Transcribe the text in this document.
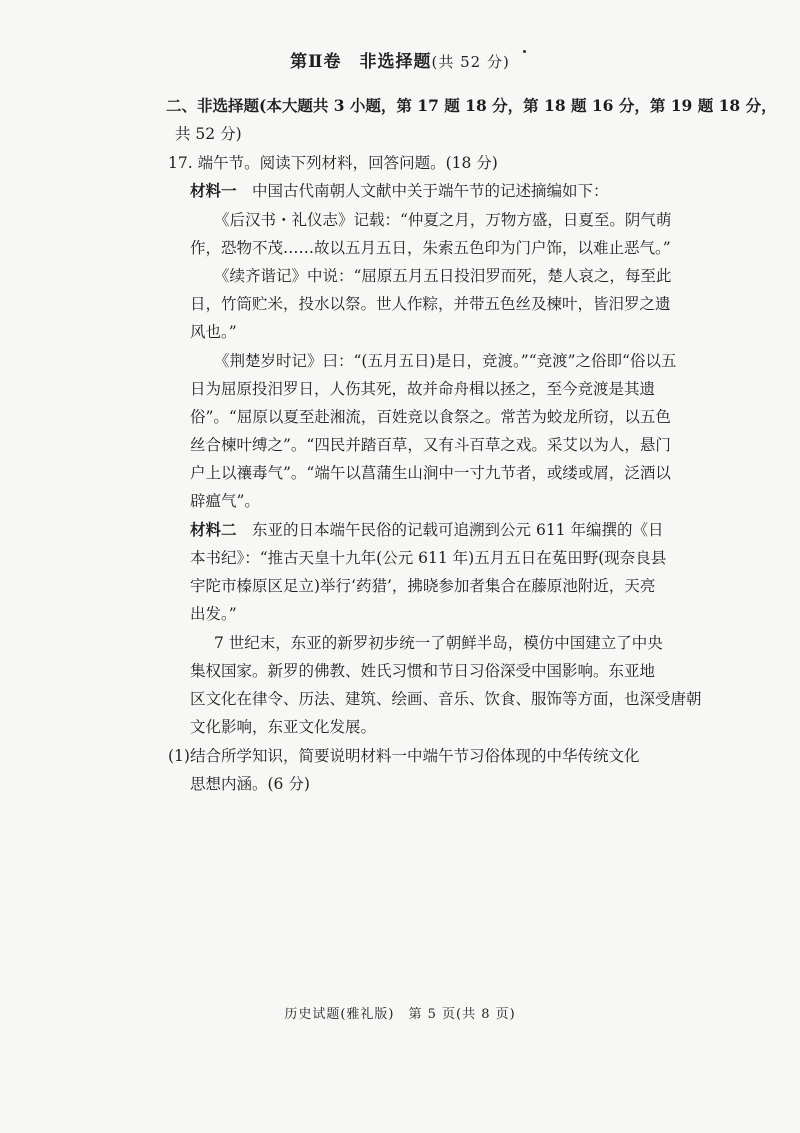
第Ⅱ卷　非选择题(共 52 分)
二、非选择题(本大题共 3 小题，第 17 题 18 分，第 18 题 16 分，第 19 题 18 分，
共 52 分)
17. 端午节。阅读下列材料，回答问题。(18 分)
材料一　 中国古代南朝人文献中关于端午节的记述摘编如下：
《后汉书・礼仪志》记载：“仲夏之月，万物方盛，日夏至。阴气萌
作，恐物不茂……故以五月五日，朱索五色印为门户饰，以难止恶气。”
《续齐谐记》中说：“屈原五月五日投汨罗而死，楚人哀之，每至此
日，竹筒贮米，投水以祭。世人作粽，并带五色丝及楝叶，皆汨罗之遗
风也。”
《荆楚岁时记》曰：“(五月五日)是日，竞渡。”“竞渡”之俗即“俗以五
日为屈原投汨罗日，人伤其死，故并命舟楫以拯之，至今竞渡是其遗
俗”。“屈原以夏至赴湘流，百姓竞以食祭之。常苦为蛟龙所窃，以五色
丝合楝叶缚之”。“四民并踏百草，又有斗百草之戏。采艾以为人，悬门
户上以禳毒气”。“端午以菖蒲生山涧中一寸九节者，或缕或屑，泛酒以
辟瘟气”。
材料二　 东亚的日本端午民俗的记载可追溯到公元 611 年编撰的《日
本书纪》：“推古天皇十九年(公元 611 年)五月五日在菟田野(现奈良县
宇陀市榛原区足立)举行‘药猎’，拂晓参加者集合在藤原池附近，天亮
出发。”
7 世纪末，东亚的新罗初步统一了朝鲜半岛，模仿中国建立了中央
集权国家。新罗的佛教、姓氏习惯和节日习俗深受中国影响。东亚地
区文化在律令、历法、建筑、绘画、音乐、饮食、服饰等方面，也深受唐朝
文化影响，东亚文化发展。
(1)结合所学知识，简要说明材料一中端午节习俗体现的中华传统文化
思想内涵。(6 分)
历史试题(雅礼版)　第 5 页(共 8 页)
